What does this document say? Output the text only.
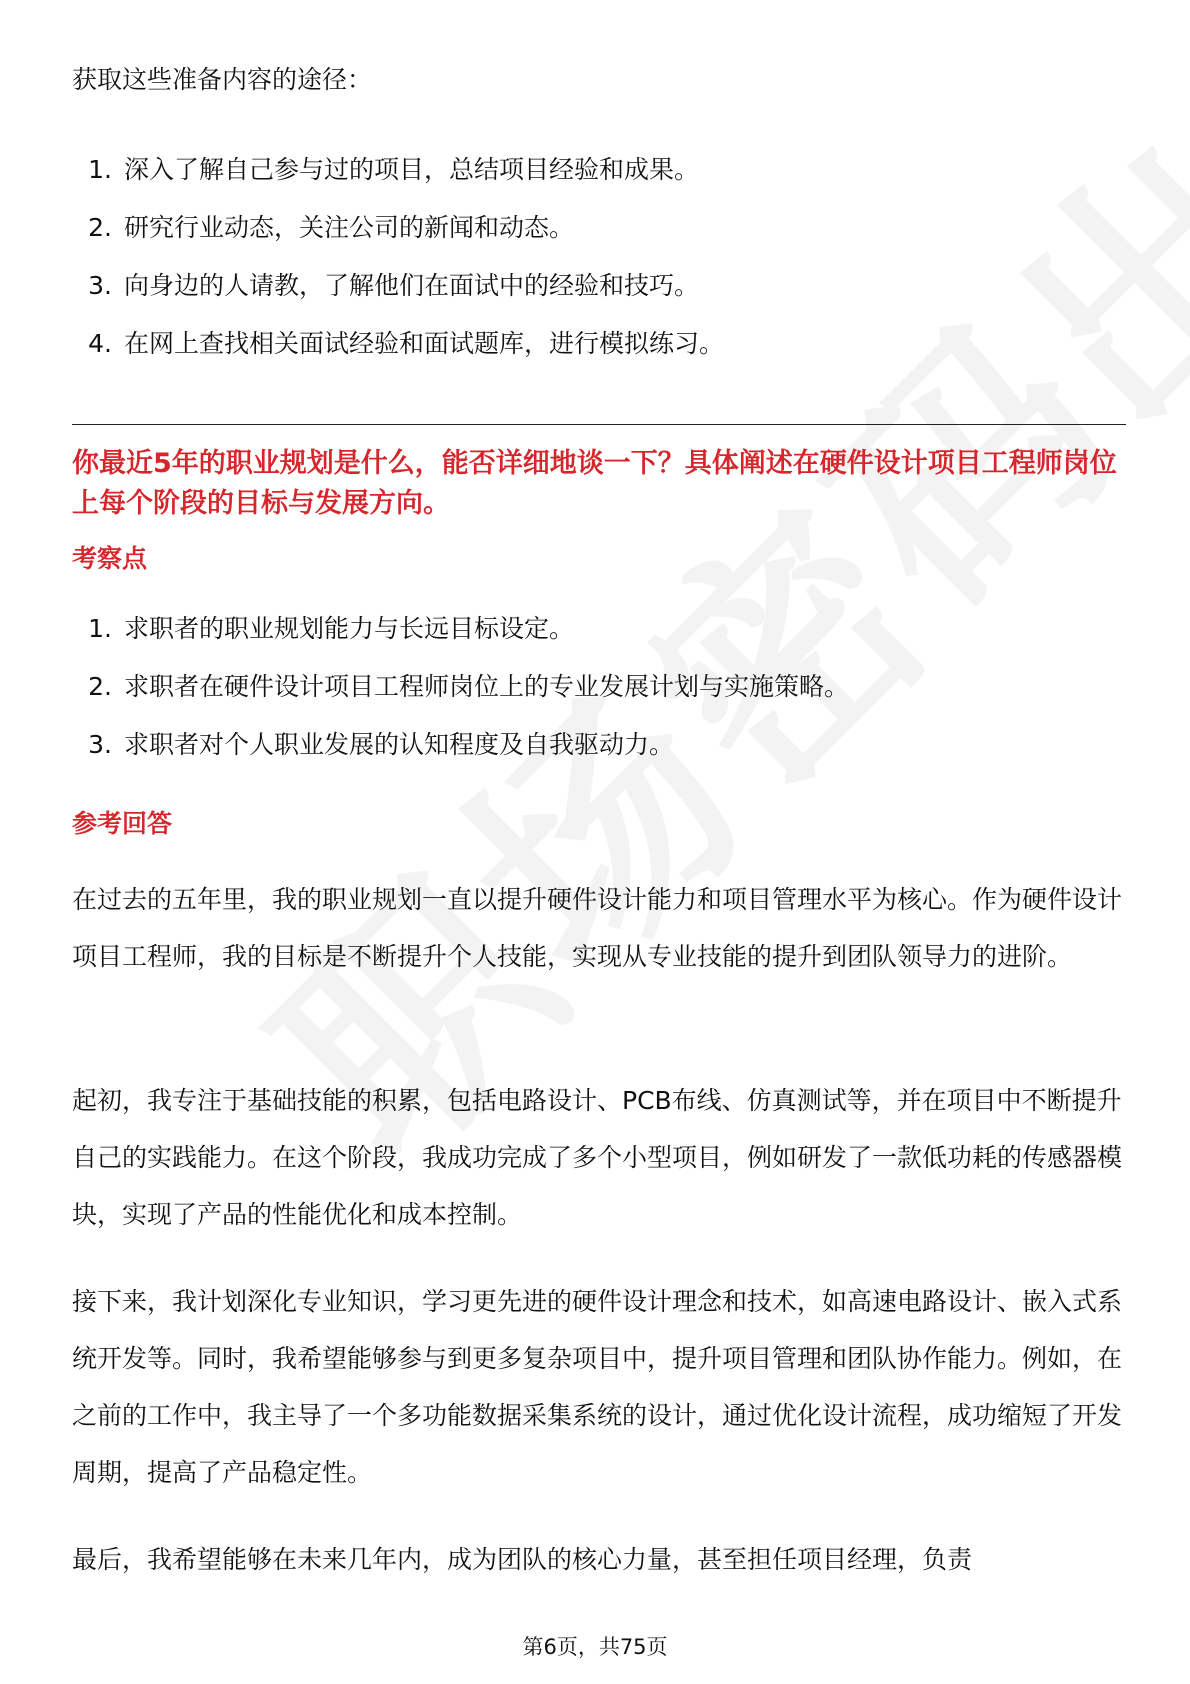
获取这些准备内容的途径：
1. 深入了解自己参与过的项目，总结项目经验和成果。
2. 研究行业动态，关注公司的新闻和动态。
3. 向身边的人请教，了解他们在面试中的经验和技巧。
4. 在网上查找相关面试经验和面试题库，进行模拟练习。
你最近5年的职业规划是什么，能否详细地谈一下？具体阐述在硬件设计项目工程师岗位上每个阶段的目标与发展方向。
考察点
1. 求职者的职业规划能力与长远目标设定。
2. 求职者在硬件设计项目工程师岗位上的专业发展计划与实施策略。
3. 求职者对个人职业发展的认知程度及自我驱动力。
参考回答

在过去的五年里，我的职业规划一直以提升硬件设计能力和项目管理水平为核心。作为硬件设计项目工程师，我的目标是不断提升个人技能，实现从专业技能的提升到团队领导力的进阶。

起初，我专注于基础技能的积累，包括电路设计、PCB布线、仿真测试等，并在项目中不断提升自己的实践能力。在这个阶段，我成功完成了多个小型项目，例如研发了一款低功耗的传感器模块，实现了产品的性能优化和成本控制。

接下来，我计划深化专业知识，学习更先进的硬件设计理念和技术，如高速电路设计、嵌入式系统开发等。同时，我希望能够参与到更多复杂项目中，提升项目管理和团队协作能力。例如，在之前的工作中，我主导了一个多功能数据采集系统的设计，通过优化设计流程，成功缩短了开发周期，提高了产品稳定性。

最后，我希望能够在未来几年内，成为团队的核心力量，甚至担任项目经理，负责

第6页，共75页
